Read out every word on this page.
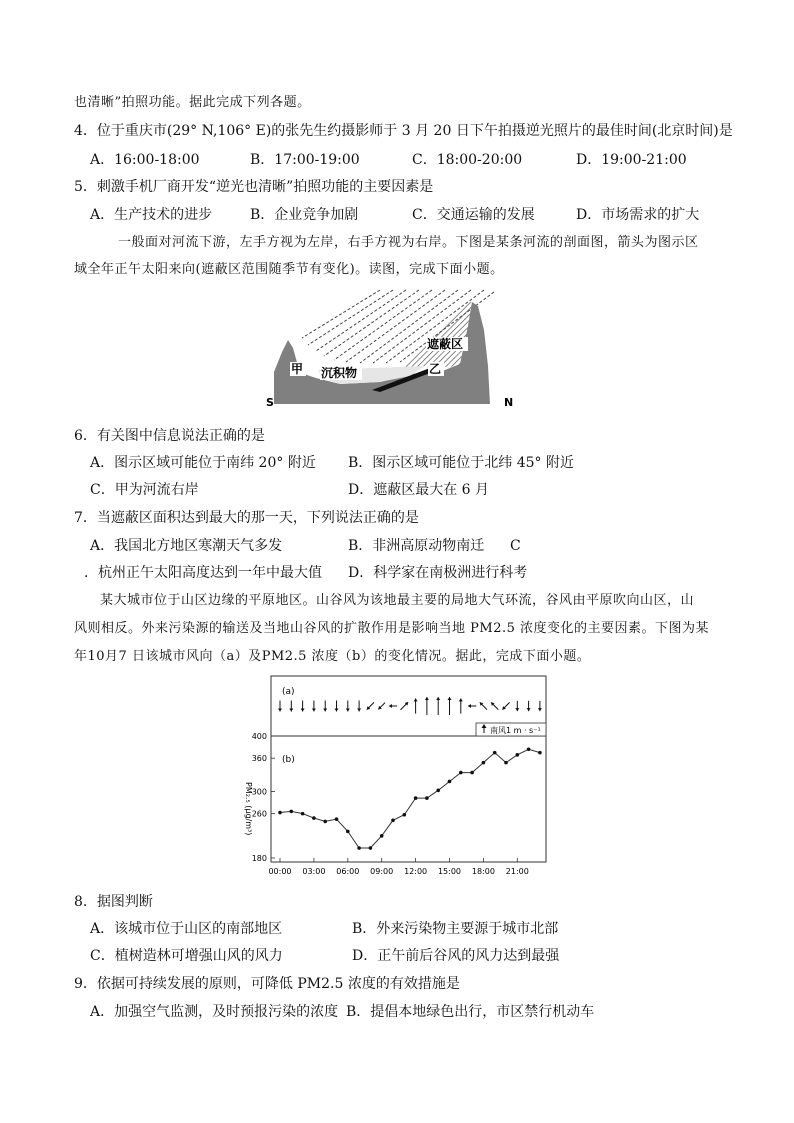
也清晰”拍照功能。据此完成下列各题。
4．位于重庆市(29° N,106° E)的张先生约摄影师于 3 月 20 日下午拍摄逆光照片的最佳时间(北京时间)是
A．16:00-18:00	B．17:00-19:00	C．18:00-20:00	D．19:00-21:00
5．刺激手机厂商开发“逆光也清晰”拍照功能的主要因素是
A．生产技术的进步	B．企业竞争加剧	C．交通运输的发展	D．市场需求的扩大
一般面对河流下游，左手方视为左岸，右手方视为右岸。下图是某条河流的剖面图，箭头为图示区
域全年正午太阳来向(遮蔽区范围随季节有变化)。读图，完成下面小题。
甲
遮蔽区
乙
沉积物
S	N
6．有关图中信息说法正确的是
A．图示区域可能位于南纬 20° 附近 B．图示区域可能位于北纬 45° 附近
C．甲为河流右岸	D．遮蔽区最大在 6 月
7．当遮蔽区面积达到最大的那一天，下列说法正确的是
A．我国北方地区寒潮天气多发	B．非洲高原动物南迁 C
．杭州正午太阳高度达到一年中最大值 D．科学家在南极洲进行科考
某大城市位于山区边缘的平原地区。山谷风为该地最主要的局地大气环流，谷风由平原吹向山区，山
风则相反。外来污染源的输送及当地山谷风的扩散作用是影响当地 PM2.5 浓度变化的主要因素。下图为某
年10月7 日该城市风向（a）及PM2.5 浓度（b）的变化情况。据此，完成下面小题。
(a)
(b)
南风1 m · s⁻¹
PM₂.₅ (μg/m³)
400
360
300
260
180
00:00 03:00 06:00 09:00 12:00 15:00 18:00 21:00
8．据图判断
A．该城市位于山区的南部地区	B．外来污染物主要源于城市北部
C．植树造林可增强山风的风力	D．正午前后谷风的风力达到最强
9．依据可持续发展的原则，可降低 PM2.5 浓度的有效措施是
A．加强空气监测，及时预报污染的浓度 B．提倡本地绿色出行，市区禁行机动车
